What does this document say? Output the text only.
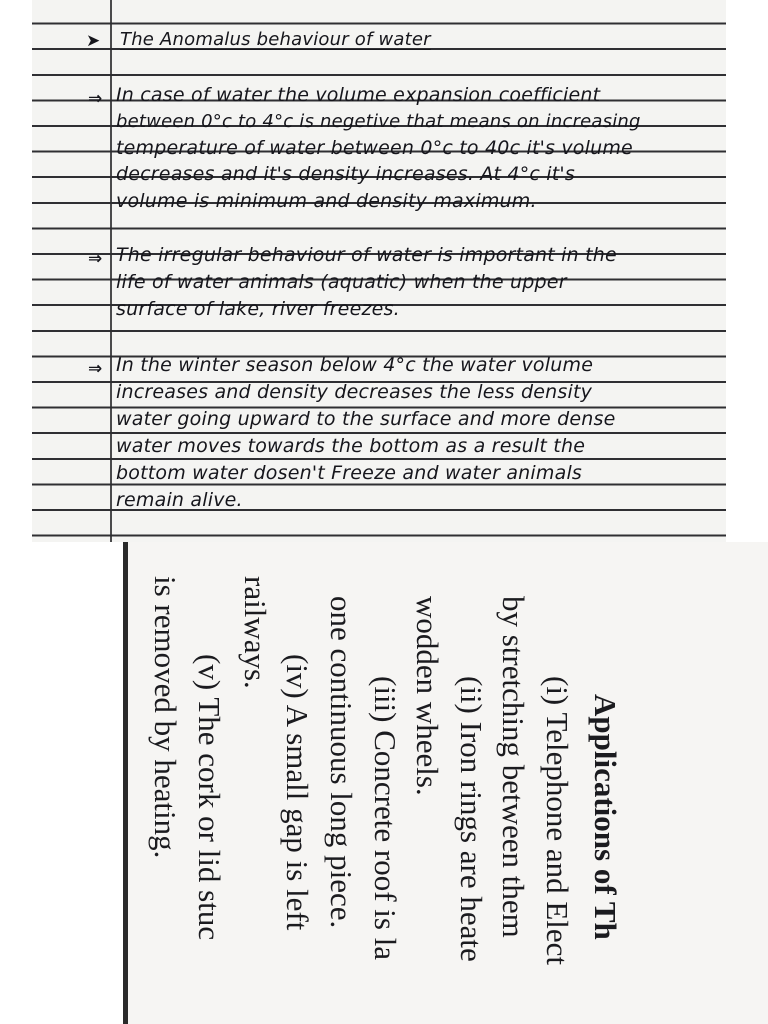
➤ The Anomalus behaviour of water
⇒ In case of water the volume expansion coefficient
between 0°c to 4°c is negetive that means on increasing
temperature of water between 0°c to 40c it's volume
decreases and it's density increases. At 4°c it's
volume is minimum and density maximum.
⇒ The irregular behaviour of water is important in the
life of water animals (aquatic) when the upper
surface of lake, river freezes.
⇒ In the winter season below 4°c the water volume
increases and density decreases the less density
water going upward to the surface and more dense
water moves towards the bottom as a result the
bottom water dosen't Freeze and water animals
remain alive.
Applications of Th
(i) Telephone and Elect
by stretching between them
(ii) Iron rings are heate
wodden wheels.
(iii) Concrete roof is la
one continuous long piece.
(iv) A small gap is left
railways.
(v) The cork or lid stuc
is removed by heating.
